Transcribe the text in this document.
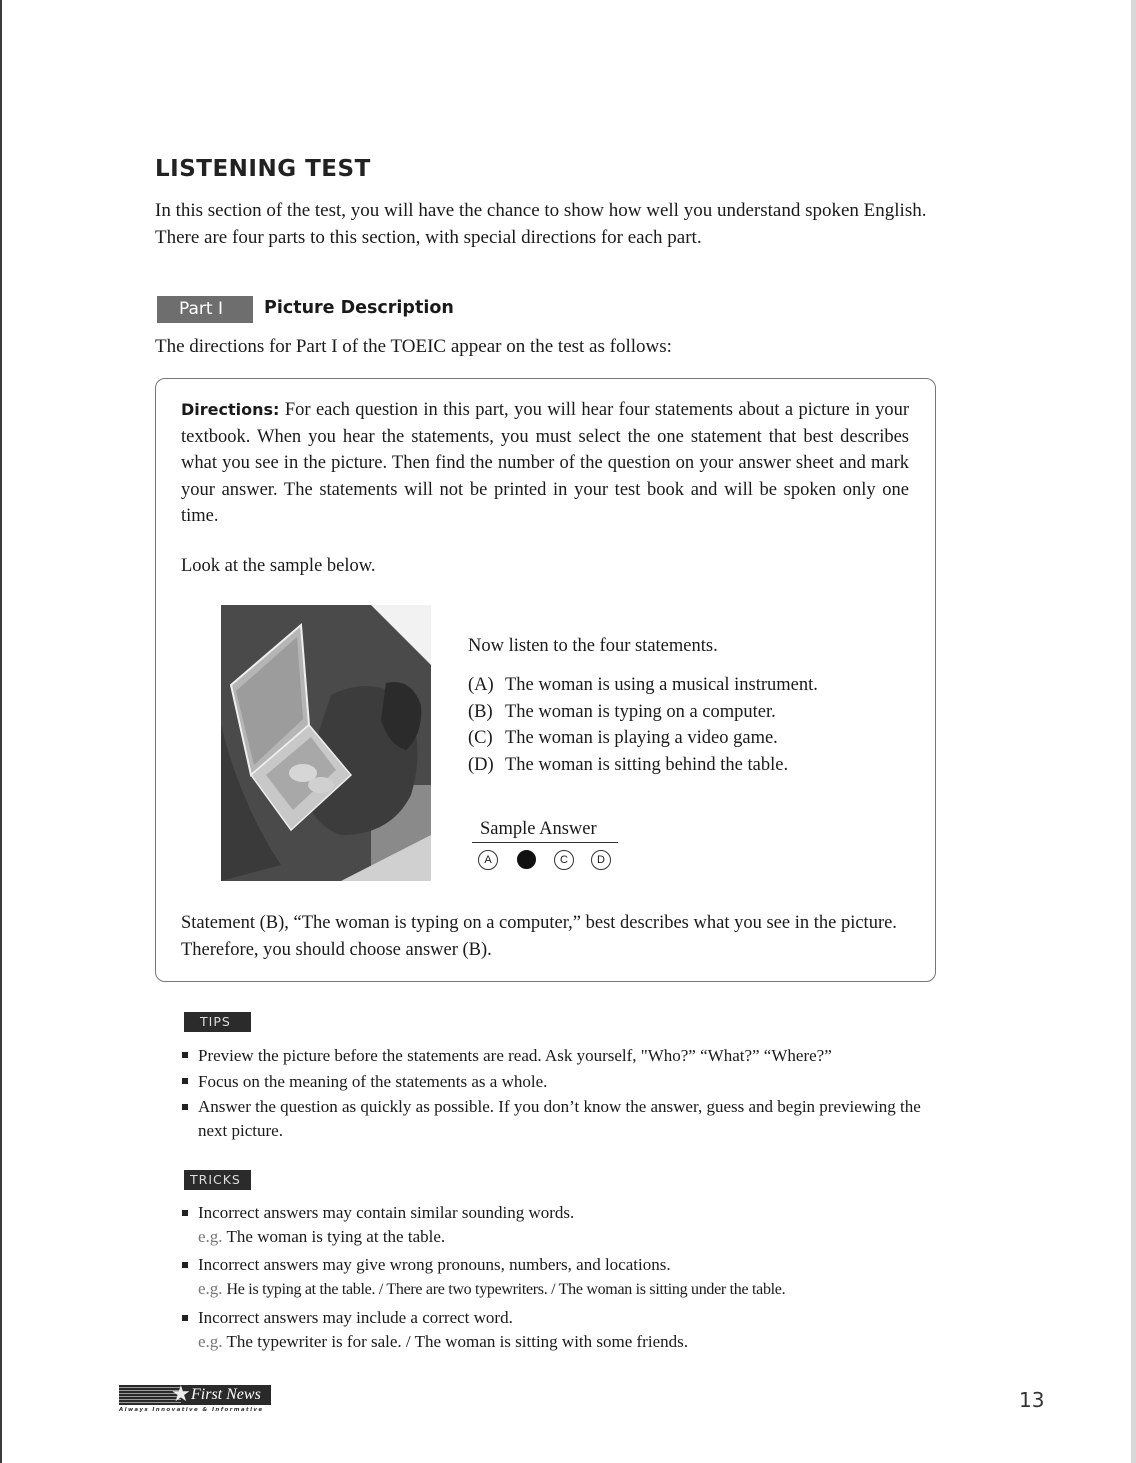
LISTENING TEST

In this section of the test, you will have the chance to show how well you understand spoken English. There are four parts to this section, with special directions for each part.

Part I	Picture Description

The directions for Part I of the TOEIC appear on the test as follows:

Directions: For each question in this part, you will hear four statements about a picture in your textbook. When you hear the statements, you must select the one statement that best describes what you see in the picture. Then find the number of the question on your answer sheet and mark your answer. The statements will not be printed in your test book and will be spoken only one time.

Look at the sample below.

Now listen to the four statements.

(A) The woman is using a musical instrument.
(B) The woman is typing on a computer.
(C) The woman is playing a video game.
(D) The woman is sitting behind the table.
Sample Answer
A	C	D

Statement (B), “The woman is typing on a computer,” best describes what you see in the picture. Therefore, you should choose answer (B).

TIPS
Preview the picture before the statements are read. Ask yourself, "Who?” “What?” “Where?”
Focus on the meaning of the statements as a whole.
Answer the question as quickly as possible. If you don’t know the answer, guess and begin previewing the next picture.
TRICKS
Incorrect answers may contain similar sounding words.
e.g. The woman is tying at the table.
Incorrect answers may give wrong pronouns, numbers, and locations.
e.g. He is typing at the table. / There are two typewriters. / The woman is sitting under the table.
Incorrect answers may include a correct word.
e.g. The typewriter is for sale. / The woman is sitting with some friends.
★ First News
Always Innovative & Informative	13
